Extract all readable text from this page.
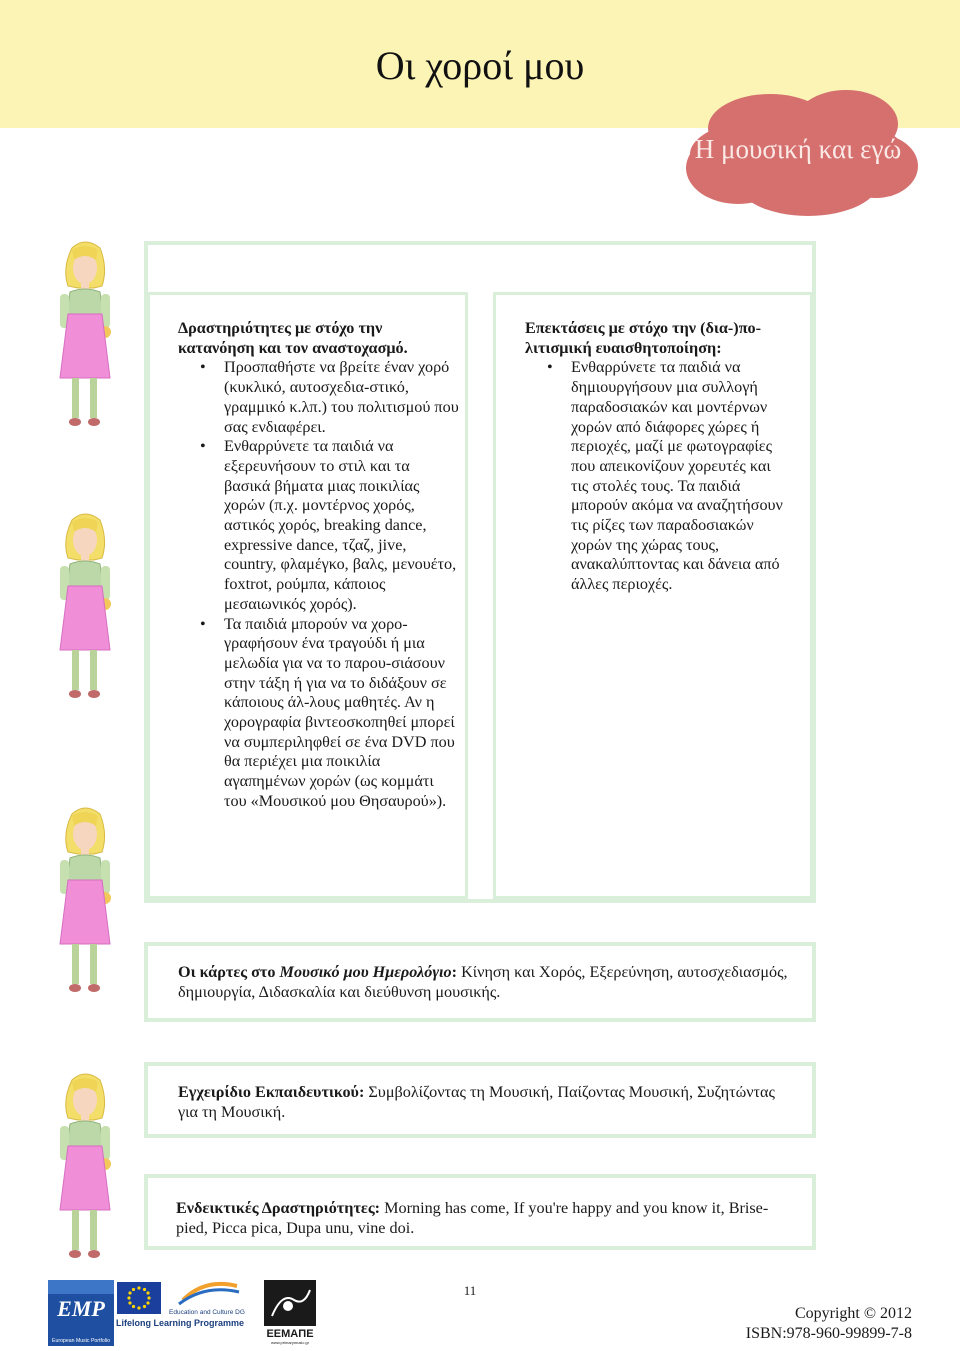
Οι χοροί μου
Η μουσική και εγώ
Δραστηριότητες με στόχο την κατανόηση και τον αναστοχασμό.
• Προσπαθήστε να βρείτε έναν χορό (κυκλικό, αυτοσχεδια-στικό, γραμμικό κ.λπ.) του πολιτισμού που σας ενδιαφέρει.
• Ενθαρρύνετε τα παιδιά να εξερευνήσουν το στιλ και τα βασικά βήματα μιας ποικιλίας χορών (π.χ. μοντέρνος χορός, αστικός χορός, breaking dance, expressive dance, τζαζ, jive, country, φλαμέγκο, βαλς, μενουέτο, foxtrot, ρούμπα, κάποιος μεσαιωνικός χορός).
• Τα παιδιά μπορούν να χορο-γραφήσουν ένα τραγούδι ή μια μελωδία για να το παρου-σιάσουν στην τάξη ή για να το διδάξουν σε κάποιους άλ-λους μαθητές. Αν η χορογραφία βιντεοσκοπηθεί μπορεί να συμπεριληφθεί σε ένα DVD που θα περιέχει μια ποικιλία αγαπημένων χορών (ως κομμάτι του «Μουσικού μου Θησαυρού»).
Επεκτάσεις με στόχο την (δια-)πο-λιτισμική ευαισθητοποίηση:
• Ενθαρρύνετε τα παιδιά να δημιουργήσουν μια συλλογή παραδοσιακών και μοντέρνων χορών από διάφορες χώρες ή περιοχές, μαζί με φωτογραφίες που απεικονίζουν χορευτές και τις στολές τους. Τα παιδιά μπορούν ακόμα να αναζητήσουν τις ρίζες των παραδοσιακών χορών της χώρας τους, ανακαλύπτοντας και δάνεια από άλλες περιοχές.
Οι κάρτες στο Μουσικό μου Ημερολόγιο: Κίνηση και Χορός, Εξερεύνηση, αυτοσχεδιασμός, δημιουργία, Διδασκαλία και διεύθυνση μουσικής.
Εγχειρίδιο Εκπαιδευτικού: Συμβολίζοντας τη Μουσική, Παίζοντας Μουσική, Συζητώντας για τη Μουσική.
Ενδεικτικές Δραστηριότητες: Morning has come, If you're happy and you know it, Brise-pied, Picca pica, Dupa unu, vine doi.
EMP
European Music Portfolio
Education and Culture DG
Lifelong Learning Programme
ΕΕΜΑΠΕ
www.primarymusic.gr
11
Copyright © 2012
ISBN:978-960-99899-7-8
